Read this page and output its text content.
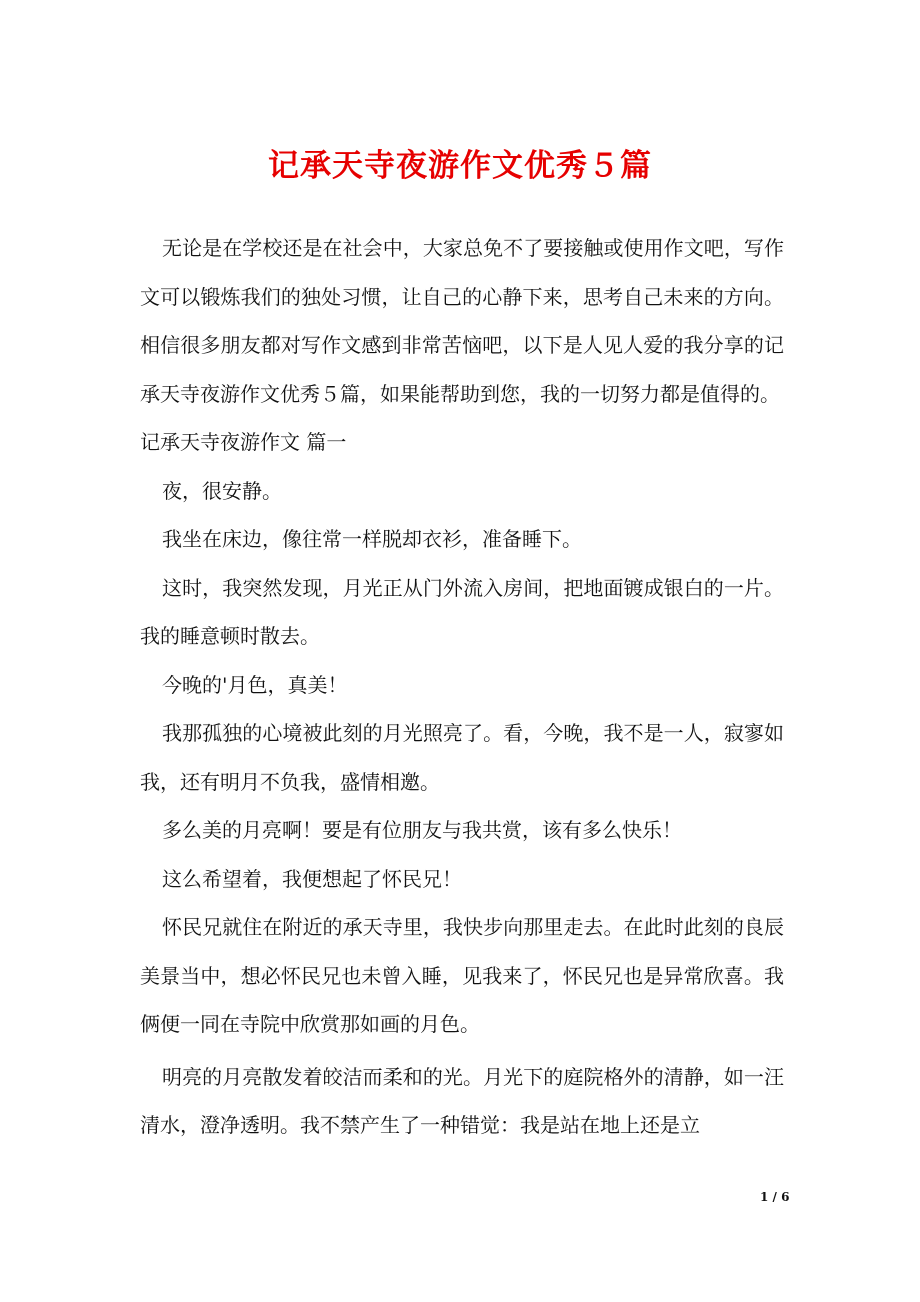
记承天寺夜游作文优秀５篇

无论是在学校还是在社会中，大家总免不了要接触或使用作文吧，写作文可以锻炼我们的独处习惯，让自己的心静下来，思考自己未来的方向。相信很多朋友都对写作文感到非常苦恼吧，以下是人见人爱的我分享的记承天寺夜游作文优秀５篇，如果能帮助到您，我的一切努力都是值得的。

记承天寺夜游作文 篇一

夜，很安静。

我坐在床边，像往常一样脱却衣衫，准备睡下。

这时，我突然发现，月光正从门外流入房间，把地面镀成银白的一片。我的睡意顿时散去。

今晚的'月色，真美！

我那孤独的心境被此刻的月光照亮了。看，今晚，我不是一人，寂寥如我，还有明月不负我，盛情相邀。

多么美的月亮啊！要是有位朋友与我共赏，该有多么快乐！

这么希望着，我便想起了怀民兄！

怀民兄就住在附近的承天寺里，我快步向那里走去。在此时此刻的良辰美景当中，想必怀民兄也未曾入睡，见我来了，怀民兄也是异常欣喜。我俩便一同在寺院中欣赏那如画的月色。

明亮的月亮散发着皎洁而柔和的光。月光下的庭院格外的清静，如一汪清水，澄净透明。我不禁产生了一种错觉：我是站在地上还是立

1 / 6
